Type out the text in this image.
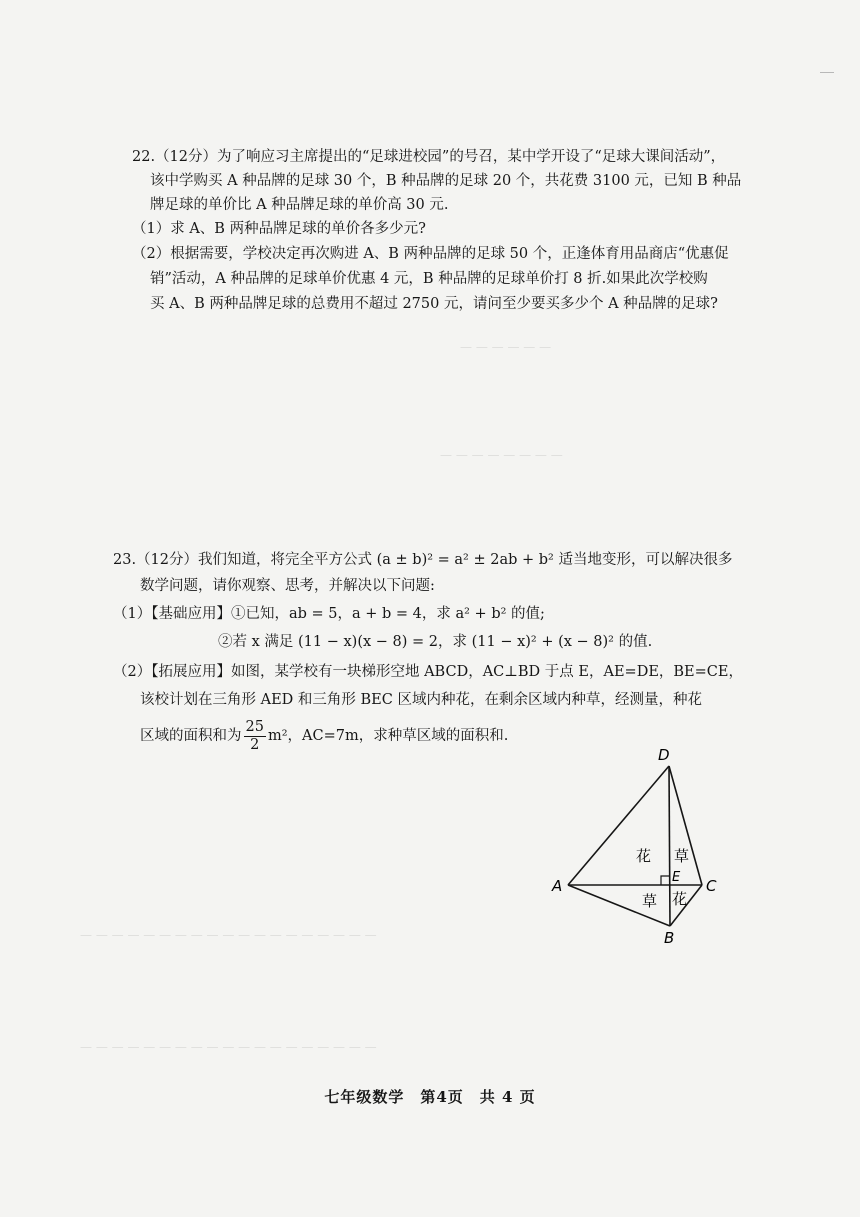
— — — — — —
— — — — — — — —
— — — — — — — — — — — — — — — — — — —
— — — — — — — — — — — — — — — — — — —
22.（12分）为了响应习主席提出的“足球进校园”的号召，某中学开设了“足球大课间活动”，
该中学购买 A 种品牌的足球 30 个，B 种品牌的足球 20 个，共花费 3100 元，已知 B 种品
牌足球的单价比 A 种品牌足球的单价高 30 元.
（1）求 A、B 两种品牌足球的单价各多少元?
（2）根据需要，学校决定再次购进 A、B 两种品牌的足球 50 个，正逢体育用品商店“优惠促
销”活动，A 种品牌的足球单价优惠 4 元，B 种品牌的足球单价打 8 折.如果此次学校购
买 A、B 两种品牌足球的总费用不超过 2750 元，请问至少要买多少个 A 种品牌的足球?
23.（12分）我们知道，将完全平方公式 (a ± b)² = a² ± 2ab + b² 适当地变形，可以解决很多
数学问题，请你观察、思考，并解决以下问题:
（1）【基础应用】①已知，ab = 5，a + b = 4，求 a² + b² 的值;
②若 x 满足 (11 − x)(x − 8) = 2，求 (11 − x)² + (x − 8)² 的值.
（2）【拓展应用】如图，某学校有一块梯形空地 ABCD，AC⊥BD 于点 E，AE=DE，BE=CE，
该校计划在三角形 AED 和三角形 BEC 区域内种花，在剩余区域内种草，经测量，种花
区域的面积和为 $\frac{25}{2} m^2$，AC=7m，求种草区域的面积和.
D
A	C
B
E
花 草
草 花
七年级数学　第4页　共 4 页
